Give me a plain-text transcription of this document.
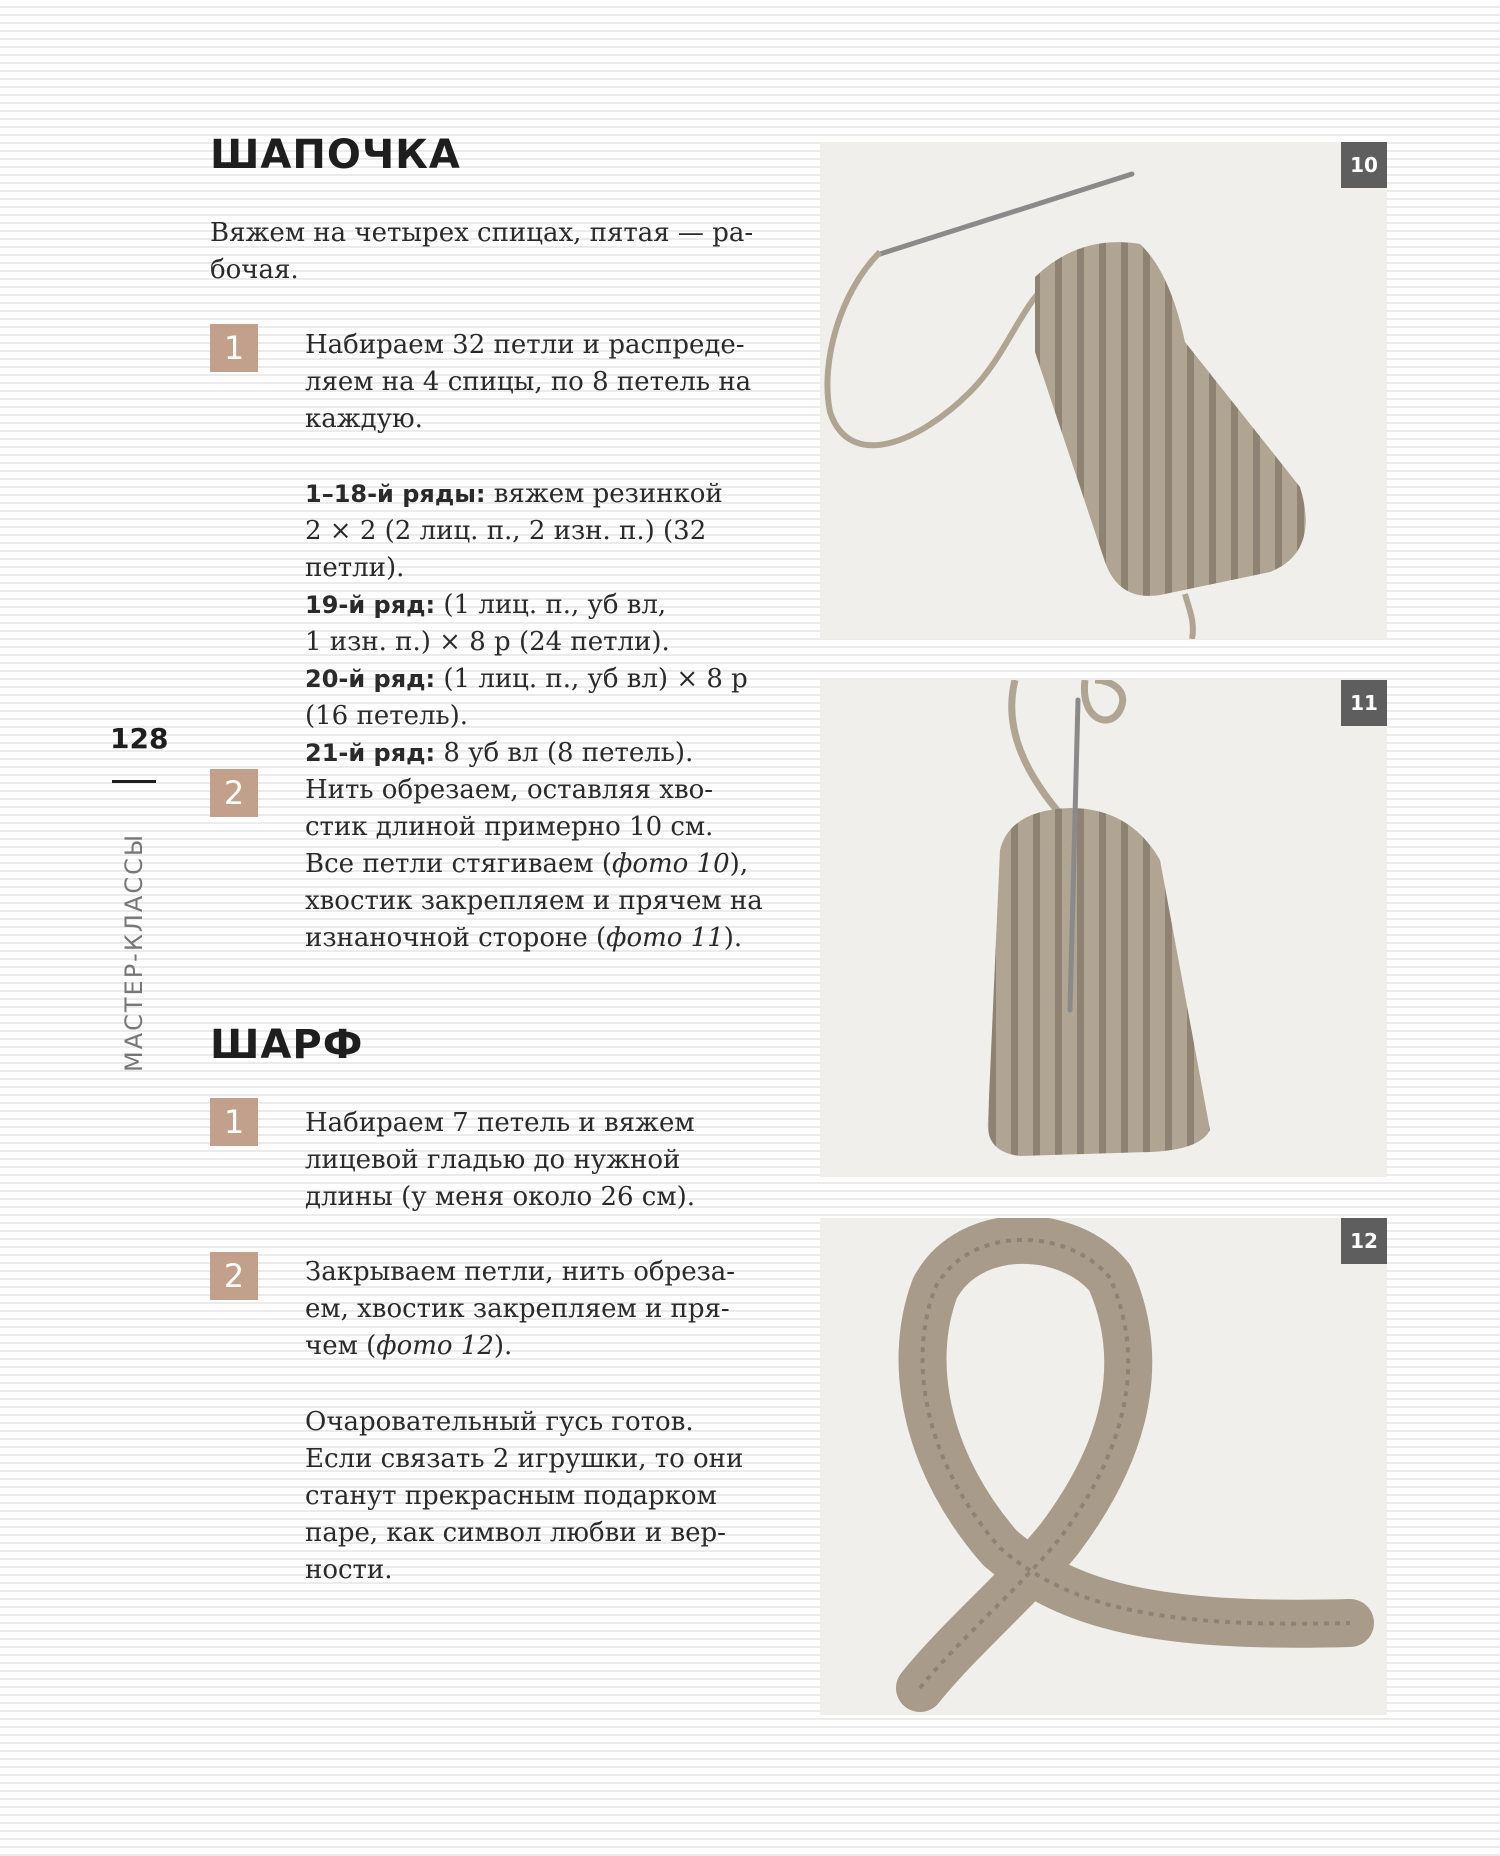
128
МАСТЕР-КЛАССЫ
ШАПОЧКА

Вяжем на четырех спицах, пятая — ра-

бочая.

1	Набираем 32 петли и распреде-

ляем на 4 спицы, по 8 петель на

каждую.

1–18-й ряды: вяжем резинкой

2 × 2 (2 лиц. п., 2 изн. п.) (32 петли).

19-й ряд: (1 лиц. п., уб вл,

1 изн. п.) × 8 р (24 петли).

20-й ряд: (1 лиц. п., уб вл) × 8 р

(16 петель).

21-й ряд: 8 уб вл (8 петель).

2	Нить обрезаем, оставляя хво-

стик длиной примерно 10 см.

Все петли стягиваем (фото 10),

хвостик закрепляем и прячем на

изнаночной стороне (фото 11).

ШАРФ
1	Набираем 7 петель и вяжем

лицевой гладью до нужной

длины (у меня около 26 см).

2	Закрываем петли, нить обреза-

ем, хвостик закрепляем и пря-

чем (фото 12).

Очаровательный гусь готов.

Если связать 2 игрушки, то они

станут прекрасным подарком

паре, как символ любви и вер-

ности.

10
11
12
